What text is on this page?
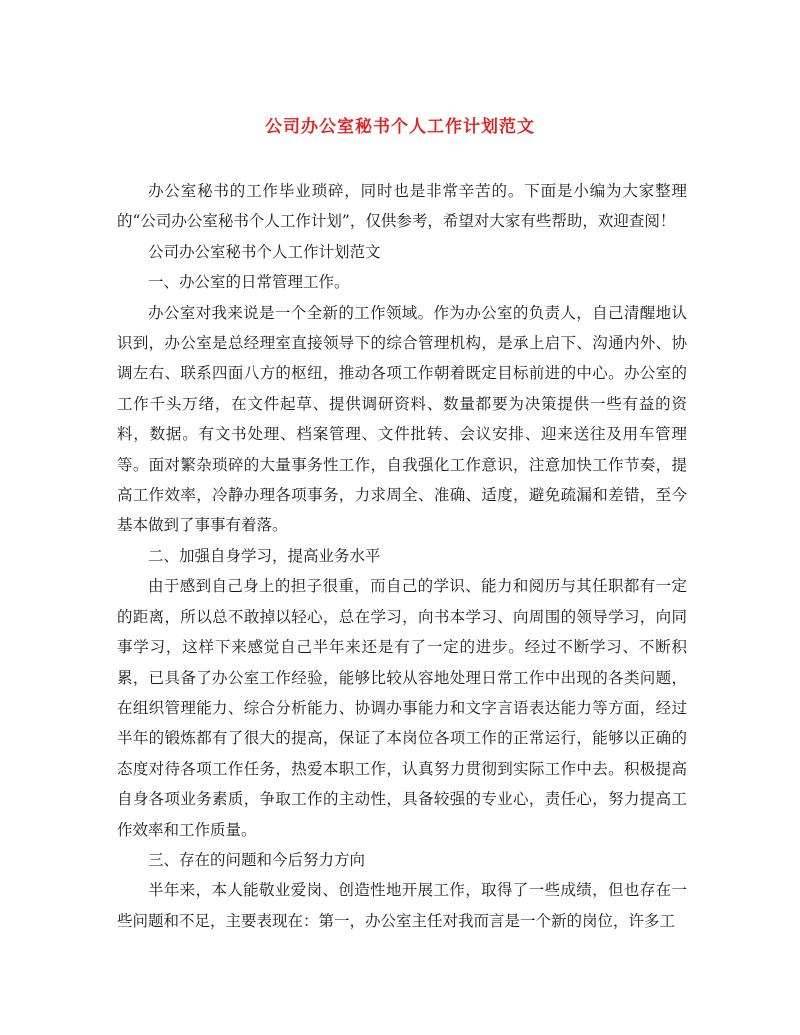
公司办公室秘书个人工作计划范文

办公室秘书的工作毕业琐碎，同时也是非常辛苦的。下面是小编为大家整理的“公司办公室秘书个人工作计划”，仅供参考，希望对大家有些帮助，欢迎查阅！

公司办公室秘书个人工作计划范文

一、办公室的日常管理工作。

办公室对我来说是一个全新的工作领域。作为办公室的负责人，自己清醒地认识到，办公室是总经理室直接领导下的综合管理机构，是承上启下、沟通内外、协调左右、联系四面八方的枢纽，推动各项工作朝着既定目标前进的中心。办公室的工作千头万绪，在文件起草、提供调研资料、数量都要为决策提供一些有益的资料，数据。有文书处理、档案管理、文件批转、会议安排、迎来送往及用车管理等。面对繁杂琐碎的大量事务性工作，自我强化工作意识，注意加快工作节奏，提高工作效率，冷静办理各项事务，力求周全、准确、适度，避免疏漏和差错，至今基本做到了事事有着落。

二、加强自身学习，提高业务水平

由于感到自己身上的担子很重，而自己的学识、能力和阅历与其任职都有一定的距离，所以总不敢掉以轻心，总在学习，向书本学习、向周围的领导学习，向同事学习，这样下来感觉自己半年来还是有了一定的进步。经过不断学习、不断积累，已具备了办公室工作经验，能够比较从容地处理日常工作中出现的各类问题，在组织管理能力、综合分析能力、协调办事能力和文字言语表达能力等方面，经过半年的锻炼都有了很大的提高，保证了本岗位各项工作的正常运行，能够以正确的态度对待各项工作任务，热爱本职工作，认真努力贯彻到实际工作中去。积极提高自身各项业务素质，争取工作的主动性，具备较强的专业心，责任心，努力提高工作效率和工作质量。

三、存在的问题和今后努力方向

半年来，本人能敬业爱岗、创造性地开展工作，取得了一些成绩，但也存在一些问题和不足，主要表现在：第一，办公室主任对我而言是一个新的岗位，许多工
